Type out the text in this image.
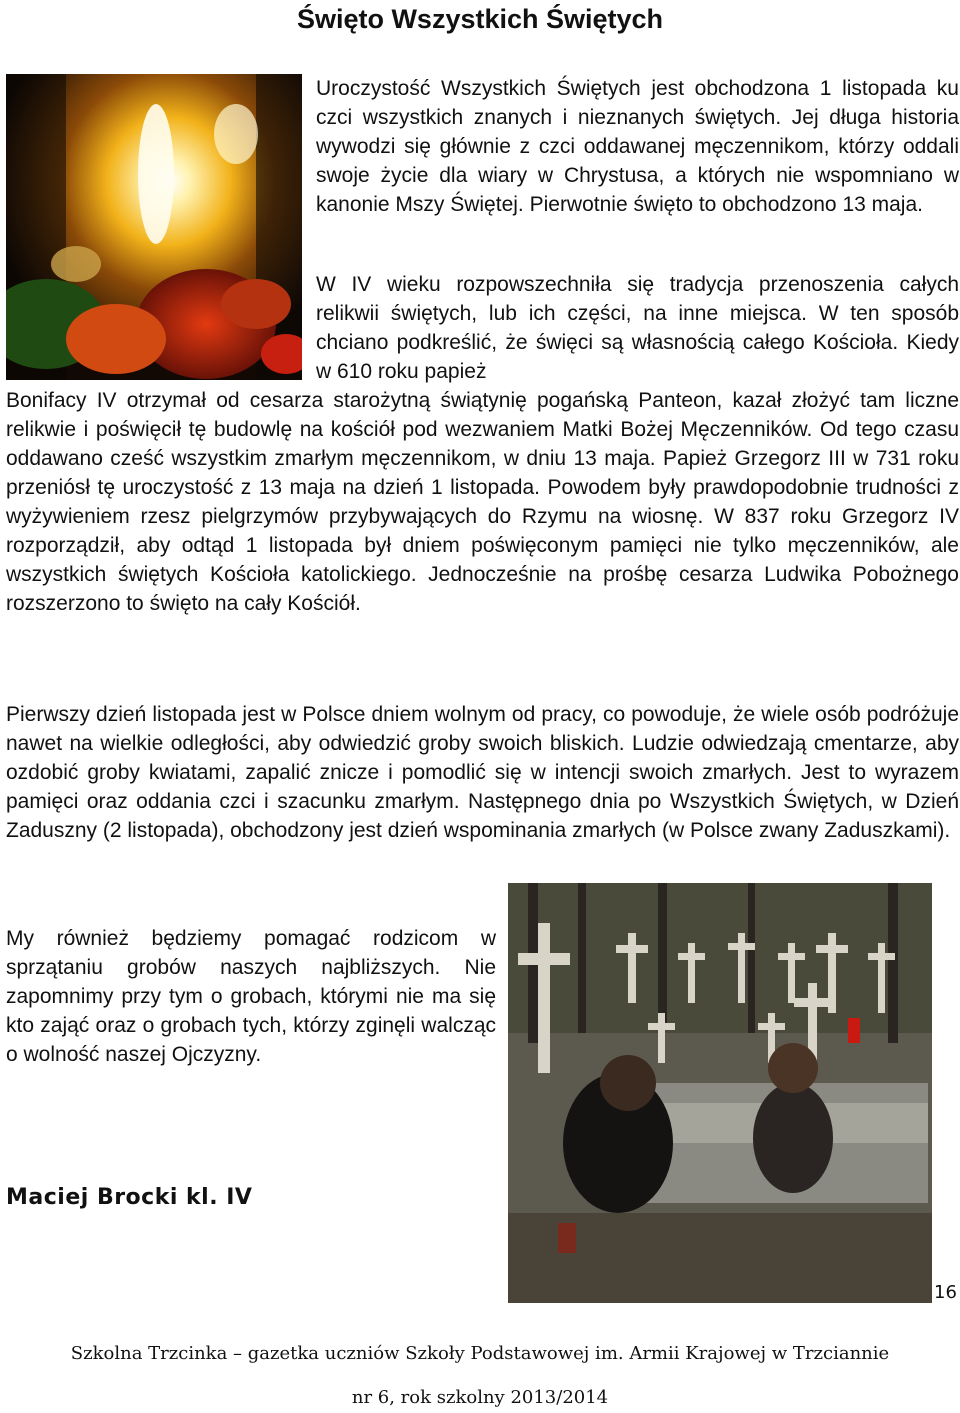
Święto Wszystkich Świętych

Uroczystość Wszystkich Świętych jest obchodzona 1 listopada ku czci wszystkich znanych i nieznanych świętych. Jej długa historia wywodzi się głównie z czci oddawanej męczennikom, którzy oddali swoje życie dla wiary w Chrystusa, a których nie wspomniano w kanonie Mszy Świętej. Pierwotnie święto to obchodzono 13 maja.

W IV wieku rozpowszechniła się tradycja przenoszenia całych relikwii świętych, lub ich części, na inne miejsca. W ten sposób chciano podkreślić, że święci są własnością całego Kościoła. Kiedy w 610 roku papież

Bonifacy IV otrzymał od cesarza starożytną świątynię pogańską Panteon, kazał złożyć tam liczne relikwie i poświęcił tę budowlę na kościół pod wezwaniem Matki Bożej Męczenników. Od tego czasu oddawano cześć wszystkim zmarłym męczennikom, w dniu 13 maja. Papież Grzegorz III w 731 roku przeniósł tę uroczystość z 13 maja na dzień 1 listopada. Powodem były prawdopodobnie trudności z wyżywieniem rzesz pielgrzymów przybywających do Rzymu na wiosnę. W 837 roku Grzegorz IV rozporządził, aby odtąd 1 listopada był dniem poświęconym pamięci nie tylko męczenników, ale wszystkich świętych Kościoła katolickiego. Jednocześnie na prośbę cesarza Ludwika Pobożnego rozszerzono to święto na cały Kościół.

Pierwszy dzień listopada jest w Polsce dniem wolnym od pracy, co powoduje, że wiele osób podróżuje nawet na wielkie odległości, aby odwiedzić groby swoich bliskich. Ludzie odwiedzają cmentarze, aby ozdobić groby kwiatami, zapalić znicze i pomodlić się w intencji swoich zmarłych. Jest to wyrazem pamięci oraz oddania czci i szacunku zmarłym. Następnego dnia po Wszystkich Świętych, w Dzień Zaduszny (2 listopada), obchodzony jest dzień wspominania zmarłych (w Polsce zwany Zaduszkami).

My również będziemy pomagać rodzicom w sprzątaniu grobów naszych najbliższych. Nie zapomnimy przy tym o grobach, którymi nie ma się kto zająć oraz o grobach tych, którzy zginęli walcząc o wolność naszej Ojczyzny.

Maciej Brocki kl. IV
16
Szkolna Trzcinka – gazetka uczniów Szkoły Podstawowej im. Armii Krajowej w Trzciannie
nr 6, rok szkolny 2013/2014
